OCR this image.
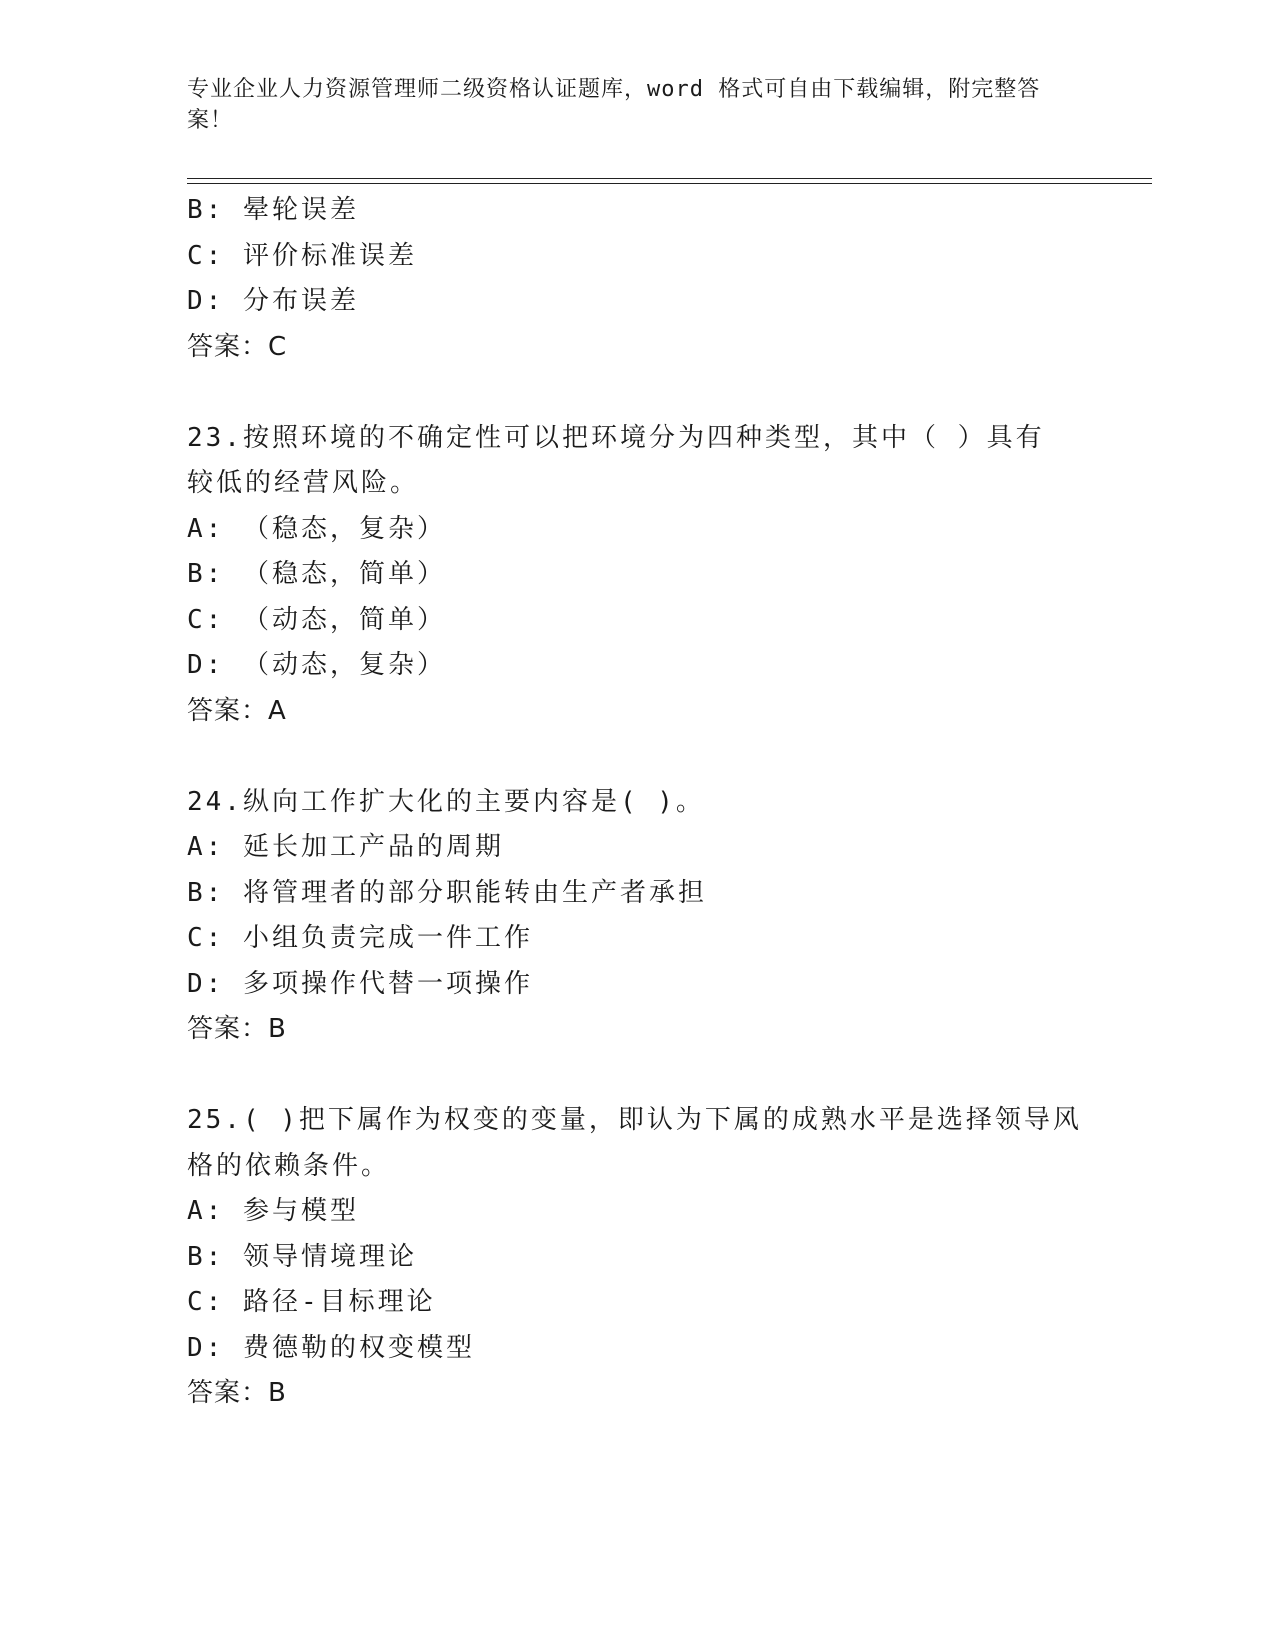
专业企业人力资源管理师二级资格认证题库，word 格式可自由下载编辑，附完整答案！
B: 晕轮误差
C: 评价标准误差
D: 分布误差
答案：C
23.按照环境的不确定性可以把环境分为四种类型，其中（ ）具有
较低的经营风险。
A: （稳态，复杂）
B: （稳态，简单）
C: （动态，简单）
D: （动态，复杂）
答案：A
24.纵向工作扩大化的主要内容是( )。
A: 延长加工产品的周期
B: 将管理者的部分职能转由生产者承担
C: 小组负责完成一件工作
D: 多项操作代替一项操作
答案：B
25.( )把下属作为权变的变量，即认为下属的成熟水平是选择领导风
格的依赖条件。
A: 参与模型
B: 领导情境理论
C: 路径-目标理论
D: 费德勒的权变模型
答案：B
